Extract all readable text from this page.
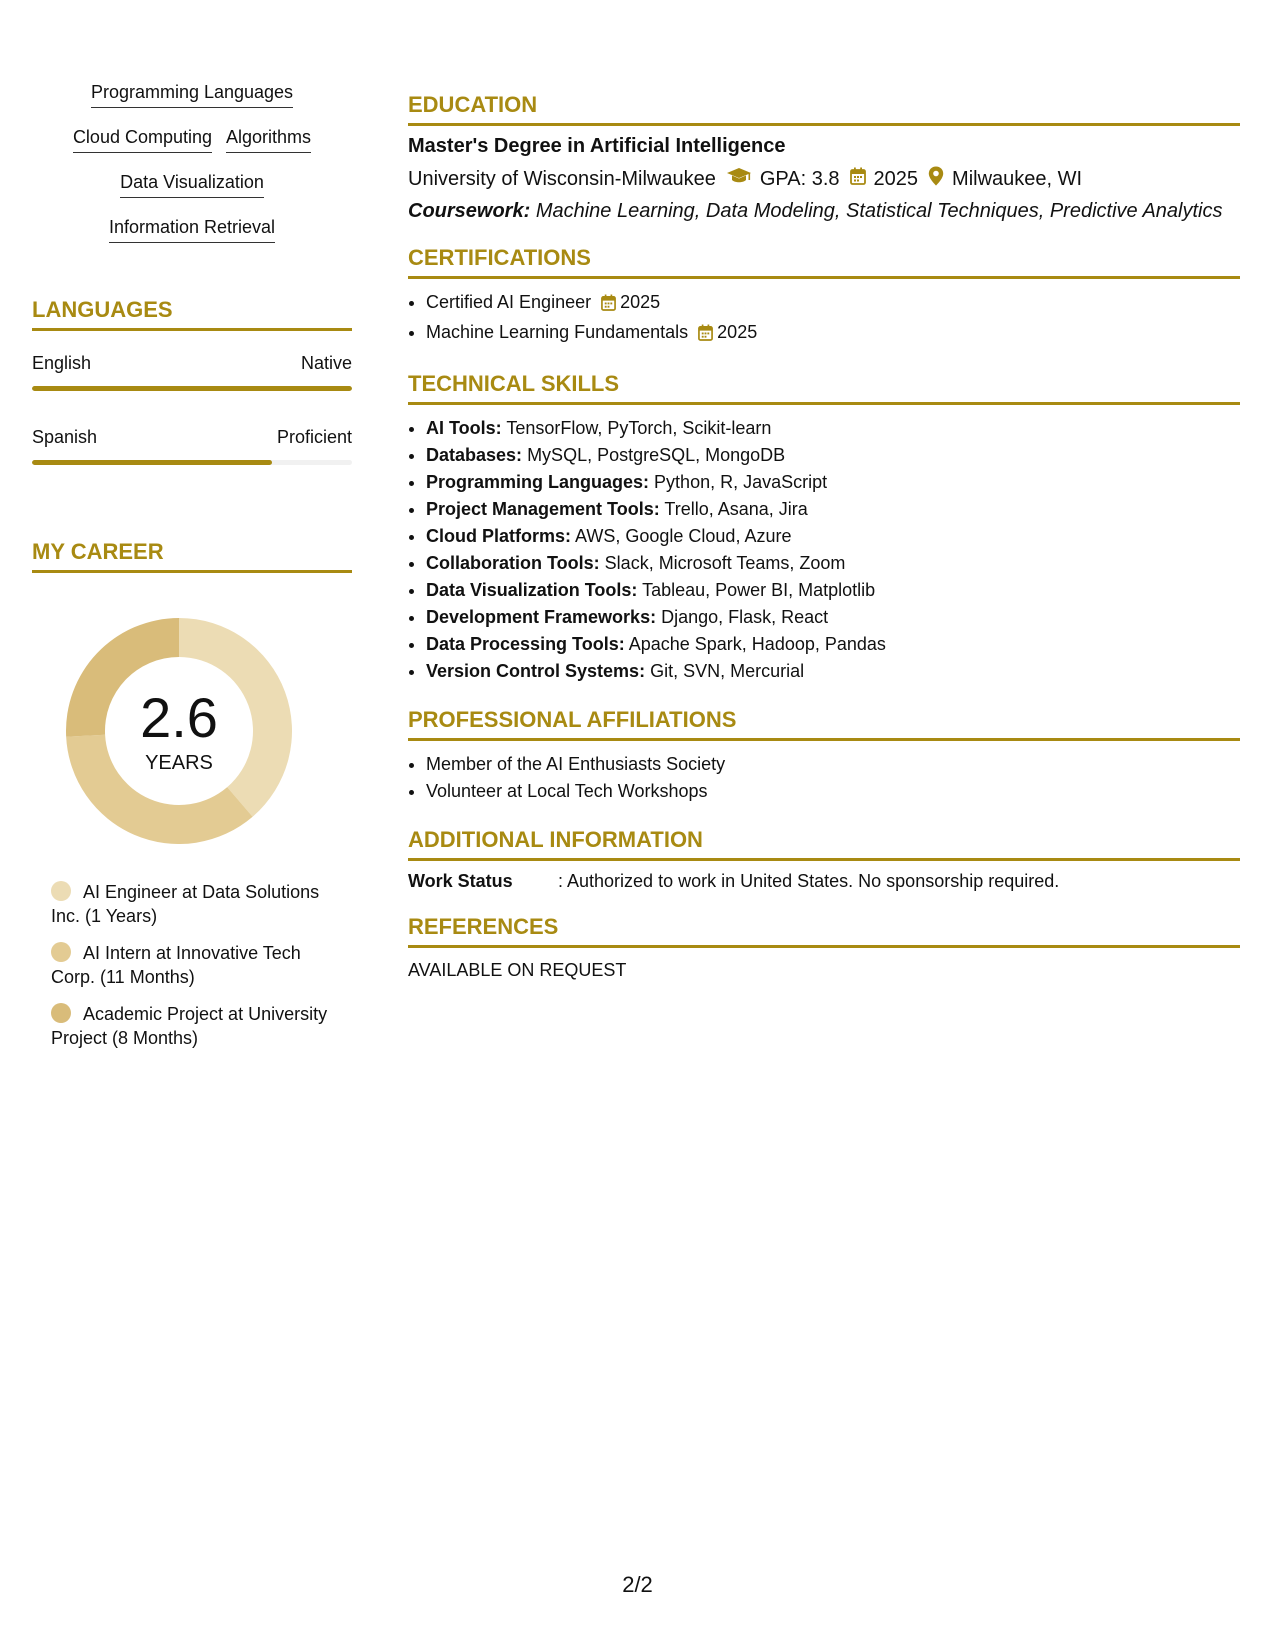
Programming Languages
Cloud Computing Algorithms
Data Visualization
Information Retrieval
LANGUAGES
English	Native
Spanish	Proficient
MY CAREER
2.6
YEARS
AI Engineer at Data Solutions Inc. (1 Years)
AI Intern at Innovative Tech Corp. (11 Months)
Academic Project at University Project (8 Months)
EDUCATION
Master's Degree in Artificial Intelligence
University of Wisconsin-Milwaukee GPA: 3.8 2025 Milwaukee, WI
Coursework: Machine Learning, Data Modeling, Statistical Techniques, Predictive Analytics
CERTIFICATIONS
• Certified AI Engineer 2025
• Machine Learning Fundamentals 2025
TECHNICAL SKILLS
• AI Tools: TensorFlow, PyTorch, Scikit-learn
• Databases: MySQL, PostgreSQL, MongoDB
• Programming Languages: Python, R, JavaScript
• Project Management Tools: Trello, Asana, Jira
• Cloud Platforms: AWS, Google Cloud, Azure
• Collaboration Tools: Slack, Microsoft Teams, Zoom
• Data Visualization Tools: Tableau, Power BI, Matplotlib
• Development Frameworks: Django, Flask, React
• Data Processing Tools: Apache Spark, Hadoop, Pandas
• Version Control Systems: Git, SVN, Mercurial
PROFESSIONAL AFFILIATIONS
• Member of the AI Enthusiasts Society
• Volunteer at Local Tech Workshops
ADDITIONAL INFORMATION
Work Status	: Authorized to work in United States. No sponsorship required.
REFERENCES
AVAILABLE ON REQUEST
2/2
